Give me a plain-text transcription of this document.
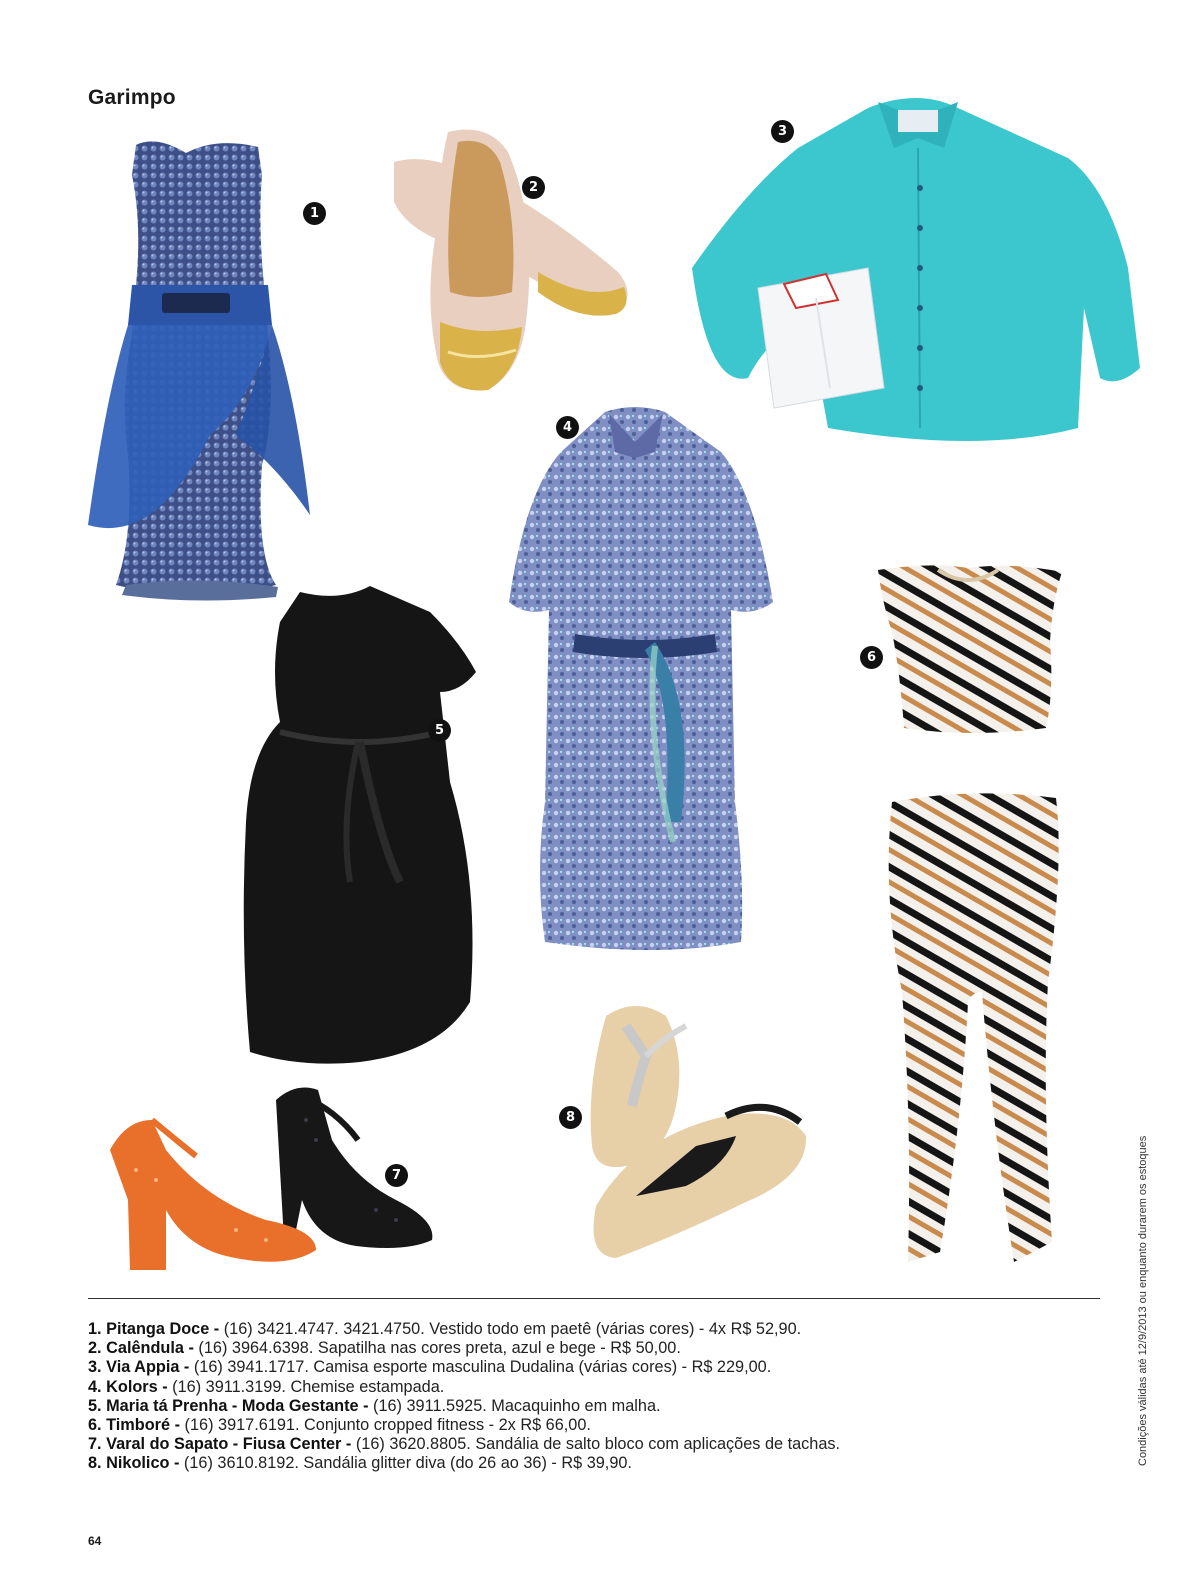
Garimpo
1
2
3
4
5
6
7
8
1. Pitanga Doce - (16) 3421.4747. 3421.4750. Vestido todo em paetê (várias cores) - 4x R$ 52,90.
2. Calêndula - (16) 3964.6398. Sapatilha nas cores preta, azul e bege - R$ 50,00.
3. Via Appia - (16) 3941.1717. Camisa esporte masculina Dudalina (várias cores) - R$ 229,00.
4. Kolors - (16) 3911.3199. Chemise estampada.
5. Maria tá Prenha - Moda Gestante - (16) 3911.5925. Macaquinho em malha.
6. Timboré - (16) 3917.6191. Conjunto cropped fitness - 2x R$ 66,00.
7. Varal do Sapato - Fiusa Center - (16) 3620.8805. Sandália de salto bloco com aplicações de tachas.
8. Nikolico - (16) 3610.8192. Sandália glitter diva (do 26 ao 36) - R$ 39,90.	Condições válidas até 12/9/2013 ou enquanto durarem os estoques
64
